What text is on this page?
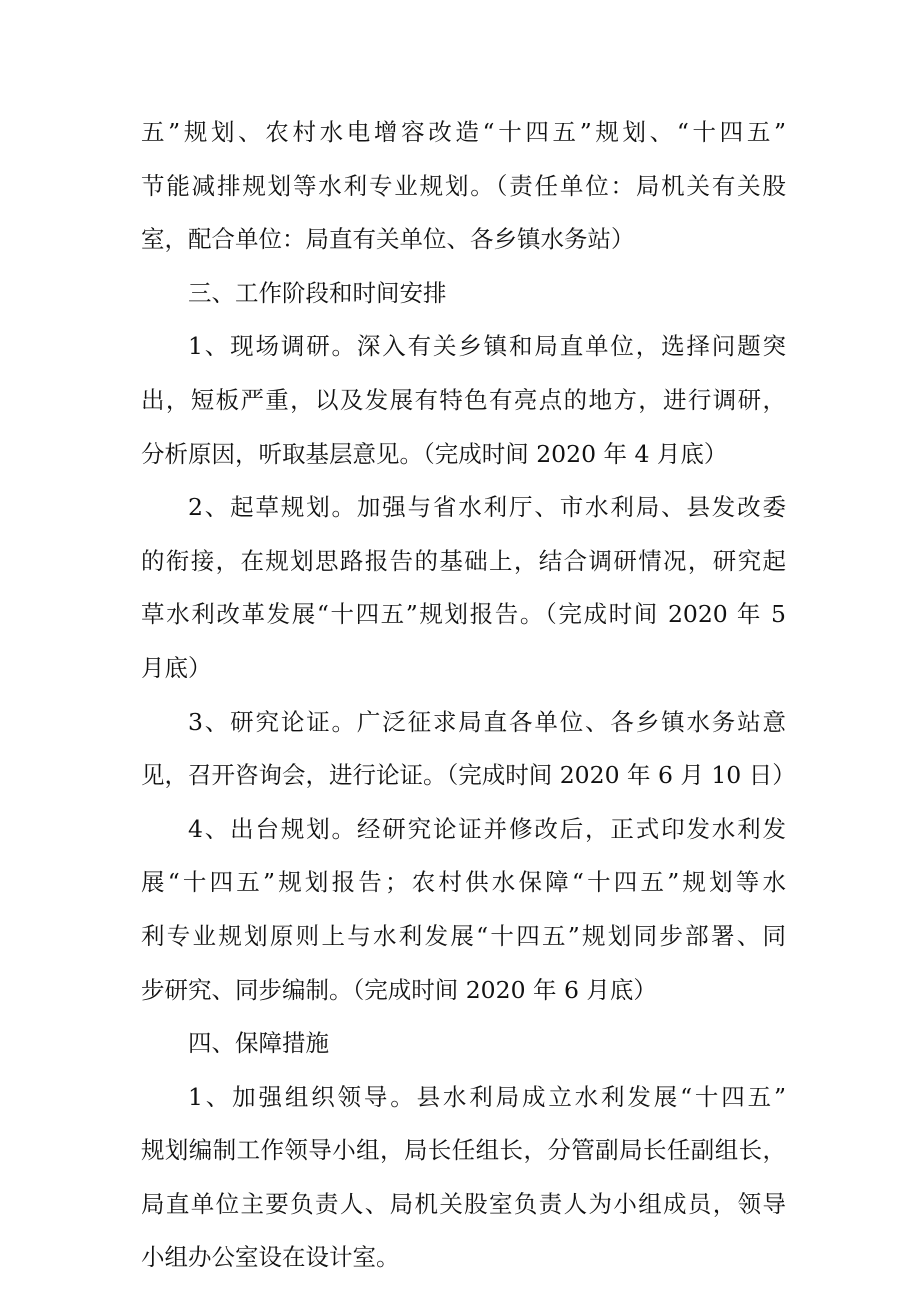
五”规划、农村水电增容改造“十四五”规划、“十四五”
节能减排规划等水利专业规划。（责任单位：局机关有关股
室，配合单位：局直有关单位、各乡镇水务站）
三、工作阶段和时间安排
1、现场调研。深入有关乡镇和局直单位，选择问题突
出，短板严重，以及发展有特色有亮点的地方，进行调研，
分析原因，听取基层意见。（完成时间 2020 年 4 月底）
2、起草规划。加强与省水利厅、市水利局、县发改委
的衔接，在规划思路报告的基础上，结合调研情况，研究起
草水利改革发展“十四五”规划报告。（完成时间 2020 年 5
月底）
3、研究论证。广泛征求局直各单位、各乡镇水务站意
见，召开咨询会，进行论证。（完成时间 2020 年 6 月 10 日）
4、出台规划。经研究论证并修改后，正式印发水利发
展“十四五”规划报告；农村供水保障“十四五”规划等水
利专业规划原则上与水利发展“十四五”规划同步部署、同
步研究、同步编制。（完成时间 2020 年 6 月底）
四、保障措施
1、加强组织领导。县水利局成立水利发展“十四五”
规划编制工作领导小组，局长任组长，分管副局长任副组长，
局直单位主要负责人、局机关股室负责人为小组成员，领导
小组办公室设在设计室。
